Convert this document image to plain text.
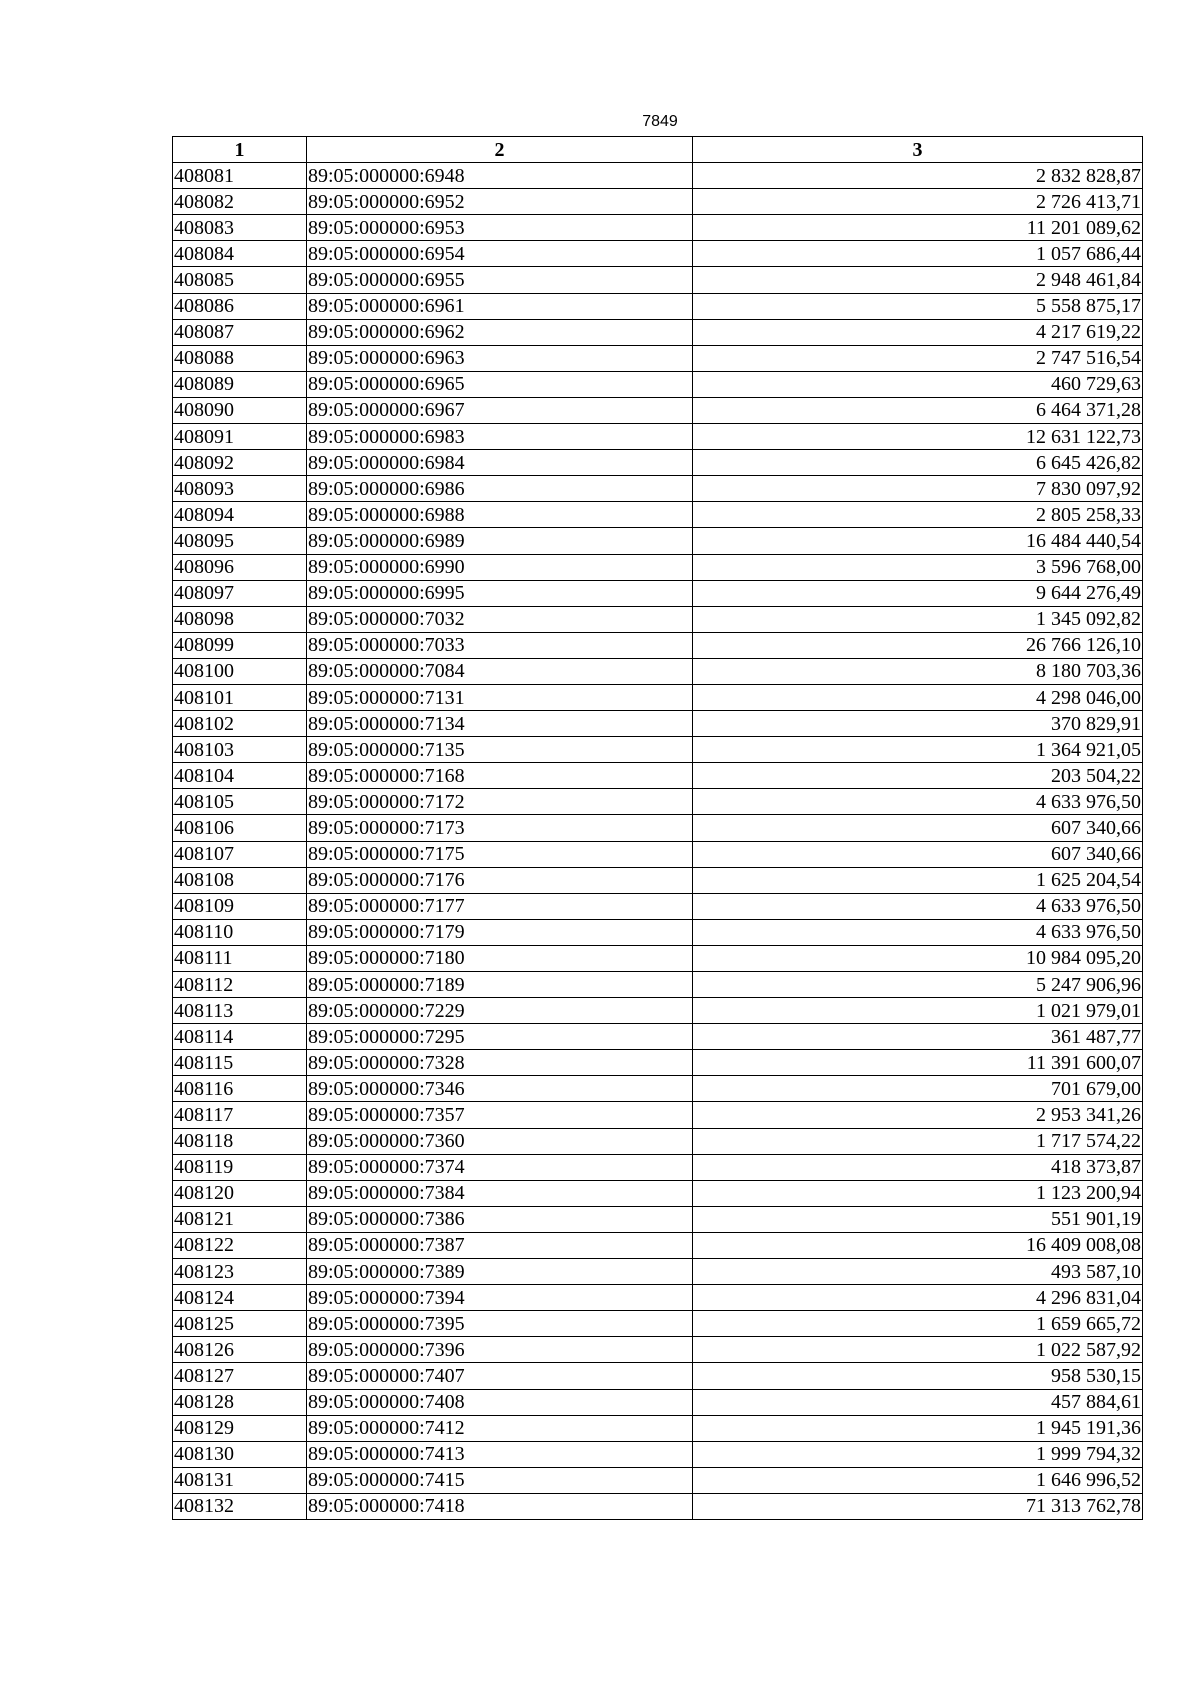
7849
1	2	3
408081	89:05:000000:6948	2 832 828,87
408082	89:05:000000:6952	2 726 413,71
408083	89:05:000000:6953	11 201 089,62
408084	89:05:000000:6954	1 057 686,44
408085	89:05:000000:6955	2 948 461,84
408086	89:05:000000:6961	5 558 875,17
408087	89:05:000000:6962	4 217 619,22
408088	89:05:000000:6963	2 747 516,54
408089	89:05:000000:6965	460 729,63
408090	89:05:000000:6967	6 464 371,28
408091	89:05:000000:6983	12 631 122,73
408092	89:05:000000:6984	6 645 426,82
408093	89:05:000000:6986	7 830 097,92
408094	89:05:000000:6988	2 805 258,33
408095	89:05:000000:6989	16 484 440,54
408096	89:05:000000:6990	3 596 768,00
408097	89:05:000000:6995	9 644 276,49
408098	89:05:000000:7032	1 345 092,82
408099	89:05:000000:7033	26 766 126,10
408100	89:05:000000:7084	8 180 703,36
408101	89:05:000000:7131	4 298 046,00
408102	89:05:000000:7134	370 829,91
408103	89:05:000000:7135	1 364 921,05
408104	89:05:000000:7168	203 504,22
408105	89:05:000000:7172	4 633 976,50
408106	89:05:000000:7173	607 340,66
408107	89:05:000000:7175	607 340,66
408108	89:05:000000:7176	1 625 204,54
408109	89:05:000000:7177	4 633 976,50
408110	89:05:000000:7179	4 633 976,50
408111	89:05:000000:7180	10 984 095,20
408112	89:05:000000:7189	5 247 906,96
408113	89:05:000000:7229	1 021 979,01
408114	89:05:000000:7295	361 487,77
408115	89:05:000000:7328	11 391 600,07
408116	89:05:000000:7346	701 679,00
408117	89:05:000000:7357	2 953 341,26
408118	89:05:000000:7360	1 717 574,22
408119	89:05:000000:7374	418 373,87
408120	89:05:000000:7384	1 123 200,94
408121	89:05:000000:7386	551 901,19
408122	89:05:000000:7387	16 409 008,08
408123	89:05:000000:7389	493 587,10
408124	89:05:000000:7394	4 296 831,04
408125	89:05:000000:7395	1 659 665,72
408126	89:05:000000:7396	1 022 587,92
408127	89:05:000000:7407	958 530,15
408128	89:05:000000:7408	457 884,61
408129	89:05:000000:7412	1 945 191,36
408130	89:05:000000:7413	1 999 794,32
408131	89:05:000000:7415	1 646 996,52
408132	89:05:000000:7418	71 313 762,78
